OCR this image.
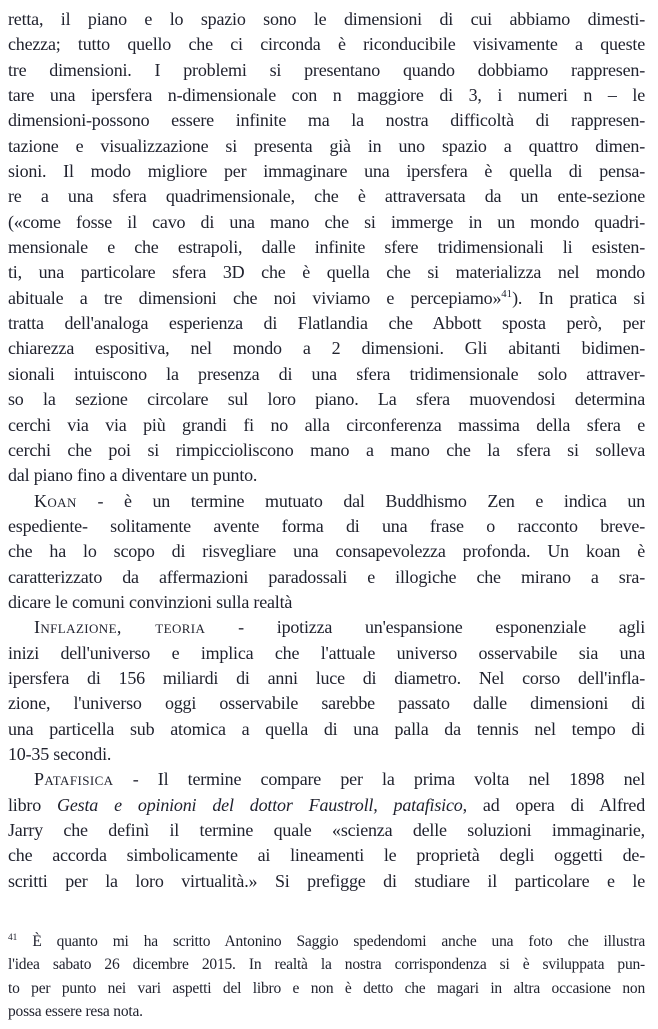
retta, il piano e lo spazio sono le dimensioni di cui abbiamo dimesti-
chezza; tutto quello che ci circonda è riconducibile visivamente a queste
tre dimensioni. I problemi si presentano quando dobbiamo rappresen-
tare una ipersfera n-dimensionale con n maggiore di 3, i numeri n – le
dimensioni-possono essere infinite ma la nostra difficoltà di rappresen-
tazione e visualizzazione si presenta già in uno spazio a quattro dimen-
sioni. Il modo migliore per immaginare una ipersfera è quella di pensa-
re a una sfera quadrimensionale, che è attraversata da un ente-sezione
(«come fosse il cavo di una mano che si immerge in un mondo quadri-
mensionale e che estrapoli, dalle infinite sfere tridimensionali li esisten-
ti, una particolare sfera 3D che è quella che si materializza nel mondo
abituale a tre dimensioni che noi viviamo e percepiamo»$^{41}$). In pratica si
tratta dell'analoga esperienza di Flatlandia che Abbott sposta però, per
chiarezza espositiva, nel mondo a 2 dimensioni. Gli abitanti bidimen-
sionali intuiscono la presenza di una sfera tridimensionale solo attraver-
so la sezione circolare sul loro piano. La sfera muovendosi determina
cerchi via via più grandi fi no alla circonferenza massima della sfera e
cerchi che poi si rimpiccioliscono mano a mano che la sfera si solleva
dal piano fino a diventare un punto.
Koan - è un termine mutuato dal Buddhismo Zen e indica un
espediente- solitamente avente forma di una frase o racconto breve-
che ha lo scopo di risvegliare una consapevolezza profonda. Un koan è
caratterizzato da affermazioni paradossali e illogiche che mirano a sra-
dicare le comuni convinzioni sulla realtà
Inflazione, teoria - ipotizza un'espansione esponenziale agli
inizi dell'universo e implica che l'attuale universo osservabile sia una
ipersfera di 156 miliardi di anni luce di diametro. Nel corso dell'infla-
zione, l'universo oggi osservabile sarebbe passato dalle dimensioni di
una particella sub atomica a quella di una palla da tennis nel tempo di
10-35 secondi.
Patafisica - Il termine compare per la prima volta nel 1898 nel
libro Gesta e opinioni del dottor Faustroll, patafisico, ad opera di Alfred
Jarry che definì il termine quale «scienza delle soluzioni immaginarie,
che accorda simbolicamente ai lineamenti le proprietà degli oggetti de-
scritti per la loro virtualità.» Si prefigge di studiare il particolare e le
$^{41}$ È quanto mi ha scritto Antonino Saggio spedendomi anche una foto che illustra
l'idea sabato 26 dicembre 2015. In realtà la nostra corrispondenza si è sviluppata pun-
to per punto nei vari aspetti del libro e non è detto che magari in altra occasione non
possa essere resa nota.
